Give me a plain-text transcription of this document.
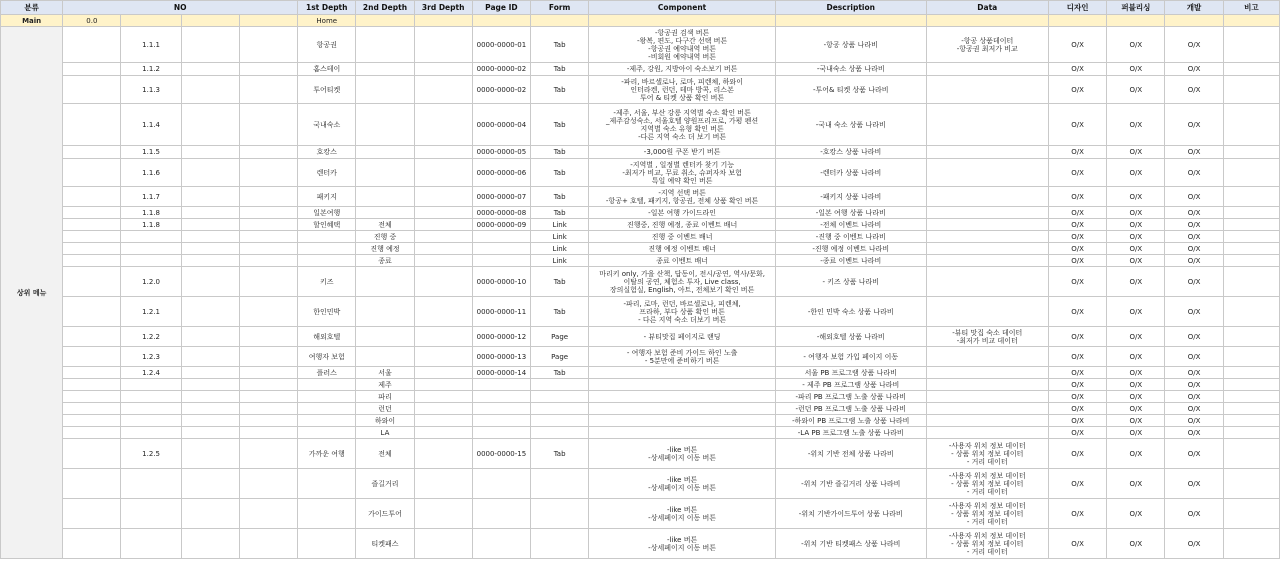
분류	NO				1st Depth	2nd Depth	3rd Depth	Page ID	Form	Component	Description	Data	디자인	퍼블리싱	개발	비고
Main	0.0				Home											
상위 메뉴		1.1.1			항공권			0000-0000-01	Tab	-항공권 검색 버튼
-왕복, 편도, 다구간 선택 버튼
-항공권 예약내역 버튼
-비회원 예약내역 버튼	-항공 상품 나라비	-항공 상품데이터
-항공권 최저가 비교	O/X	O/X	O/X	
		1.1.2			홈스테이			0000-0000-02	Tab	-제주, 강원, 지방아이 숙소보기 버튼	-국내숙소 상품 나라비		O/X	O/X	O/X	
		1.1.3			투어티켓			0000-0000-02	Tab	-파리, 바르셀로나, 로마, 피렌체, 하와이
인터라켄, 런던, 테마 방콕, 리스본
투어 & 티켓 상품 확인 버튼	-투어& 티켓 상품 나라비		O/X	O/X	O/X	
		1.1.4			국내숙소			0000-0000-04	Tab	-제주, 서울, 부산 강릉 지역별 숙소 확인 버튼
_제주감성숙소, 서울호텔 양원프리프로, 가평 펜션
지역별 숙소 유형 확인 버튼
-다른 지역 숙소 더 보기 버튼	-국내 숙소 상품 나라비		O/X	O/X	O/X	
		1.1.5			호캉스			0000-0000-05	Tab	-3,000원 쿠폰 받기 버튼	-호캉스 상품 나라비		O/X	O/X	O/X	
		1.1.6			렌터카			0000-0000-06	Tab	-지역별 , 일정별 렌터카 찾기 기능
-최저가 비교, 무료 취소, 슈퍼자차 보험
특일 예약 확인 버튼	-렌터카 상품 나라비		O/X	O/X	O/X	
		1.1.7			패키지			0000-0000-07	Tab	-지역 선택 버튼
-항공+ 호텔, 패키지, 항공권, 전체 상품 확인 버튼	-패키지 상품 나라비		O/X	O/X	O/X	
		1.1.8			일본여행			0000-0000-08	Tab	-일본 여행 가이드라인	-일본 여행 상품 나라비		O/X	O/X	O/X	
		1.1.8			할인혜택	전체		0000-0000-09	Link	진행중, 진행 예정, 종료 이벤트 배너	-전체 이벤트 나라비		O/X	O/X	O/X	
						진행 중			Link	진행 중 이벤트 배너	-진행 중 이벤트 나라비		O/X	O/X	O/X	
						진행 예정			Link	진행 예정 이벤트 배너	-진행 예정 이벤트 나라비		O/X	O/X	O/X	
						종료			Link	종료 이벤트 배너	-종료 이벤트 나라비		O/X	O/X	O/X	
		1.2.0			키즈			0000-0000-10	Tab	마리키 only, 가을 산책, 답동이, 전시/공연, 역사/문화,
이탈의 공연, 체험소 투자, Live class,
장의실험실, English, 아트, 전체보기 확인 버튼	- 키즈 상품 나라비		O/X	O/X	O/X	
		1.2.1			한인민박			0000-0000-11	Tab	-파리, 로마, 런던, 바르셀로나, 피렌체,
프라하, 부다 상품 확인 버튼
- 다른 지역 숙소 더보기 버튼	-한인 민박 숙소 상품 나라비		O/X	O/X	O/X	
		1.2.2			해외호텔			0000-0000-12	Page	- 뷰티맛집 페이지로 랜딩	-해외호텔 상품 나라비	-뷰티 맛집 숙소 데이터
-최저가 비교 데이터	O/X	O/X	O/X	
		1.2.3			여행자 보험			0000-0000-13	Page	- 여행자 보험 준비 가이드 하인 노출
- 5분만에 준비하기 버튼	- 여행자 보험 가입 페이지 이동		O/X	O/X	O/X	
		1.2.4			플러스	서울		0000-0000-14	Tab		서울 PB 프로그램 상품 나라비		O/X	O/X	O/X	
						제주					- 제주 PB 프로그램 상품 나라비		O/X	O/X	O/X	
						파리					-파리 PB 프로그램 노출 상품 나라비		O/X	O/X	O/X	
						런던					-런던 PB 프로그램 노출 상품 나라비		O/X	O/X	O/X	
						하와이					-하와이 PB 프로그램 노출 상품 나라비		O/X	O/X	O/X	
						LA					-LA PB 프로그램 노출 상품 나라비		O/X	O/X	O/X	
		1.2.5			가까운 여행	전체		0000-0000-15	Tab	-like 버튼
-상세페이지 이동 버튼	-위치 기반 전체 상품 나라비	-사용자 위치 정보 데이터
- 상품 위치 정보 데이터
- 거리 데이터	O/X	O/X	O/X	
						즐길거리				-like 버튼
-상세페이지 이동 버튼	-위치 기반 즐길거리 상품 나라비	-사용자 위치 정보 데이터
- 상품 위치 정보 데이터
- 거리 데이터	O/X	O/X	O/X	
						가이드투어				-like 버튼
-상세페이지 이동 버튼	-위치 기반가이드투어 상품 나라비	-사용자 위치 정보 데이터
- 상품 위치 정보 데이터
- 거리 데이터	O/X	O/X	O/X	
						티켓패스				-like 버튼
-상세페이지 이동 버튼	-위치 기반 티켓패스 상품 나라비	-사용자 위치 정보 데이터
- 상품 위치 정보 데이터
- 거리 데이터	O/X	O/X	O/X	
